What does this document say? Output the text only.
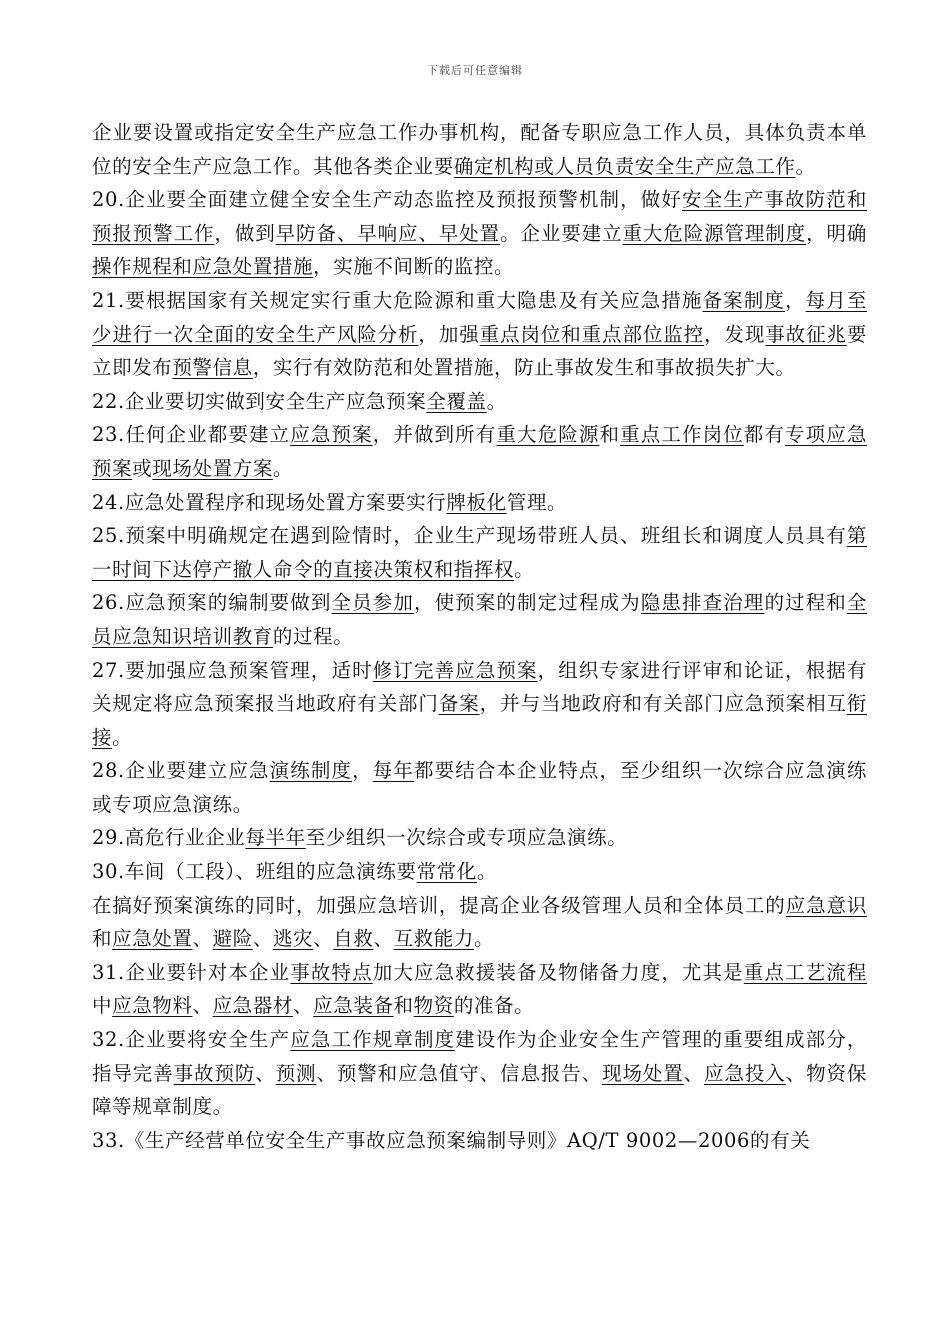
下载后可任意编辑

企业要设置或指定安全生产应急工作办事机构，配备专职应急工作人员，具体负责本单位的安全生产应急工作。其他各类企业要确定机构或人员负责安全生产应急工作。

20.企业要全面建立健全安全生产动态监控及预报预警机制，做好安全生产事故防范和预报预警工作，做到早防备、早响应、早处置。企业要建立重大危险源管理制度，明确操作规程和应急处置措施，实施不间断的监控。

21.要根据国家有关规定实行重大危险源和重大隐患及有关应急措施备案制度，每月至少进行一次全面的安全生产风险分析，加强重点岗位和重点部位监控，发现事故征兆要立即发布预警信息，实行有效防范和处置措施，防止事故发生和事故损失扩大。

22.企业要切实做到安全生产应急预案全覆盖。

23.任何企业都要建立应急预案，并做到所有重大危险源和重点工作岗位都有专项应急预案或现场处置方案。

24.应急处置程序和现场处置方案要实行牌板化管理。

25.预案中明确规定在遇到险情时，企业生产现场带班人员、班组长和调度人员具有第一时间下达停产撤人命令的直接决策权和指挥权。

26.应急预案的编制要做到全员参加，使预案的制定过程成为隐患排查治理的过程和全员应急知识培训教育的过程。

27.要加强应急预案管理，适时修订完善应急预案，组织专家进行评审和论证，根据有关规定将应急预案报当地政府有关部门备案，并与当地政府和有关部门应急预案相互衔接。

28.企业要建立应急演练制度，每年都要结合本企业特点，至少组织一次综合应急演练或专项应急演练。

29.高危行业企业每半年至少组织一次综合或专项应急演练。

30.车间（工段）、班组的应急演练要常常化。

在搞好预案演练的同时，加强应急培训，提高企业各级管理人员和全体员工的应急意识和应急处置、避险、逃灾、自救、互救能力。

31.企业要针对本企业事故特点加大应急救援装备及物储备力度，尤其是重点工艺流程中应急物料、应急器材、应急装备和物资的准备。

32.企业要将安全生产应急工作规章制度建设作为企业安全生产管理的重要组成部分，指导完善事故预防、预测、预警和应急值守、信息报告、现场处置、应急投入、物资保障等规章制度。

33.《生产经营单位安全生产事故应急预案编制导则》AQ/T 9002—2006的有关
